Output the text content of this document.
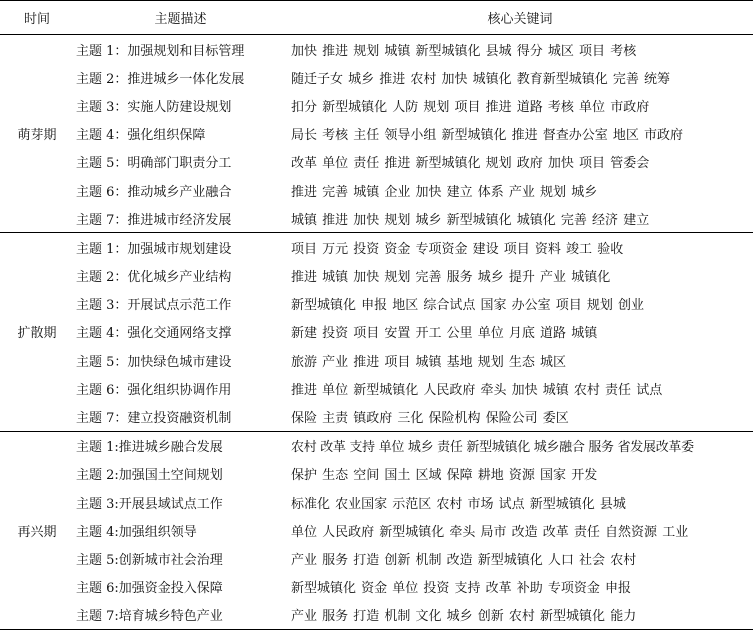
时间	主题描述	核心关键词
萌芽期	主题 1：加强规划和目标管理	加快 推进 规划 城镇 新型城镇化 县城 得分 城区 项目 考核
	主题 2：推进城乡一体化发展	随迁子女 城乡 推进 农村 加快 城镇化 教育新型城镇化 完善 统筹
	主题 3：实施人防建设规划	扣分 新型城镇化 人防 规划 项目 推进 道路 考核 单位 市政府
	主题 4：强化组织保障	局长 考核 主任 领导小组 新型城镇化 推进 督查办公室 地区 市政府
	主题 5：明确部门职责分工	改革 单位 责任 推进 新型城镇化 规划 政府 加快 项目 管委会
	主题 6：推动城乡产业融合	推进 完善 城镇 企业 加快 建立 体系 产业 规划 城乡
	主题 7：推进城市经济发展	城镇 推进 加快 规划 城乡 新型城镇化 城镇化 完善 经济 建立
扩散期	主题 1：加强城市规划建设	项目 万元 投资 资金 专项资金 建设 项目 资料 竣工 验收
	主题 2：优化城乡产业结构	推进 城镇 加快 规划 完善 服务 城乡 提升 产业 城镇化
	主题 3：开展试点示范工作	新型城镇化 申报 地区 综合试点 国家 办公室 项目 规划 创业
	主题 4：强化交通网络支撑	新建 投资 项目 安置 开工 公里 单位 月底 道路 城镇
	主题 5：加快绿色城市建设	旅游 产业 推进 项目 城镇 基地 规划 生态 城区
	主题 6：强化组织协调作用	推进 单位 新型城镇化 人民政府 牵头 加快 城镇 农村 责任 试点
	主题 7：建立投资融资机制	保险 主责 镇政府 三化 保险机构 保险公司 委区
再兴期	主题 1:推进城乡融合发展	农村 改革 支持 单位 城乡 责任 新型城镇化 城乡融合 服务 省发展改革委
	主题 2:加强国土空间规划	保护 生态 空间 国土 区域 保障 耕地 资源 国家 开发
	主题 3:开展县域试点工作	标准化 农业国家 示范区 农村 市场 试点 新型城镇化 县城
	主题 4:加强组织领导	单位 人民政府 新型城镇化 牵头 局市 改造 改革 责任 自然资源 工业
	主题 5:创新城市社会治理	产业 服务 打造 创新 机制 改造 新型城镇化 人口 社会 农村
	主题 6:加强资金投入保障	新型城镇化 资金 单位 投资 支持 改革 补助 专项资金 申报
	主题 7:培育城乡特色产业	产业 服务 打造 机制 文化 城乡 创新 农村 新型城镇化 能力
